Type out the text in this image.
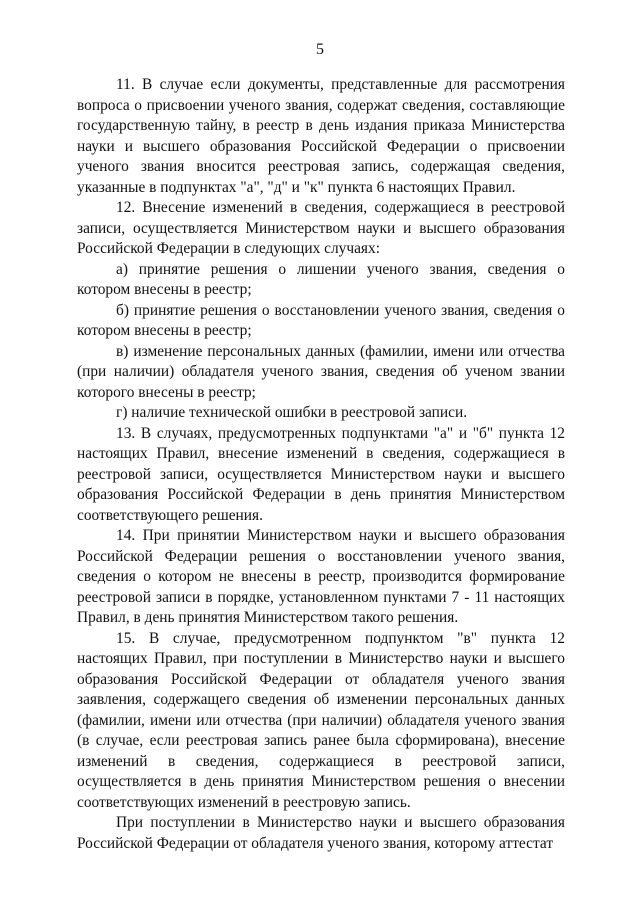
5

11. В случае если документы, представленные для рассмотрения вопроса о присвоении ученого звания, содержат сведения, составляющие государственную тайну, в реестр в день издания приказа Министерства науки и высшего образования Российской Федерации о присвоении ученого звания вносится реестровая запись, содержащая сведения, указанные в подпунктах "а", "д" и "к" пункта 6 настоящих Правил.

12. Внесение изменений в сведения, содержащиеся в реестровой записи, осуществляется Министерством науки и высшего образования Российской Федерации в следующих случаях:

а) принятие решения о лишении ученого звания, сведения о котором внесены в реестр;

б) принятие решения о восстановлении ученого звания, сведения о котором внесены в реестр;

в) изменение персональных данных (фамилии, имени или отчества (при наличии) обладателя ученого звания, сведения об ученом звании которого внесены в реестр;

г) наличие технической ошибки в реестровой записи.

13. В случаях, предусмотренных подпунктами "а" и "б" пункта 12 настоящих Правил, внесение изменений в сведения, содержащиеся в реестровой записи, осуществляется Министерством науки и высшего образования Российской Федерации в день принятия Министерством соответствующего решения.

14. При принятии Министерством науки и высшего образования Российской Федерации решения о восстановлении ученого звания, сведения о котором не внесены в реестр, производится формирование реестровой записи в порядке, установленном пунктами 7 - 11 настоящих Правил, в день принятия Министерством такого решения.

15. В случае, предусмотренном подпунктом "в" пункта 12 настоящих Правил, при поступлении в Министерство науки и высшего образования Российской Федерации от обладателя ученого звания заявления, содержащего сведения об изменении персональных данных (фамилии, имени или отчества (при наличии) обладателя ученого звания (в случае, если реестровая запись ранее была сформирована), внесение изменений в сведения, содержащиеся в реестровой записи, осуществляется в день принятия Министерством решения о внесении соответствующих изменений в реестровую запись.

При поступлении в Министерство науки и высшего образования Российской Федерации от обладателя ученого звания, которому аттестат
